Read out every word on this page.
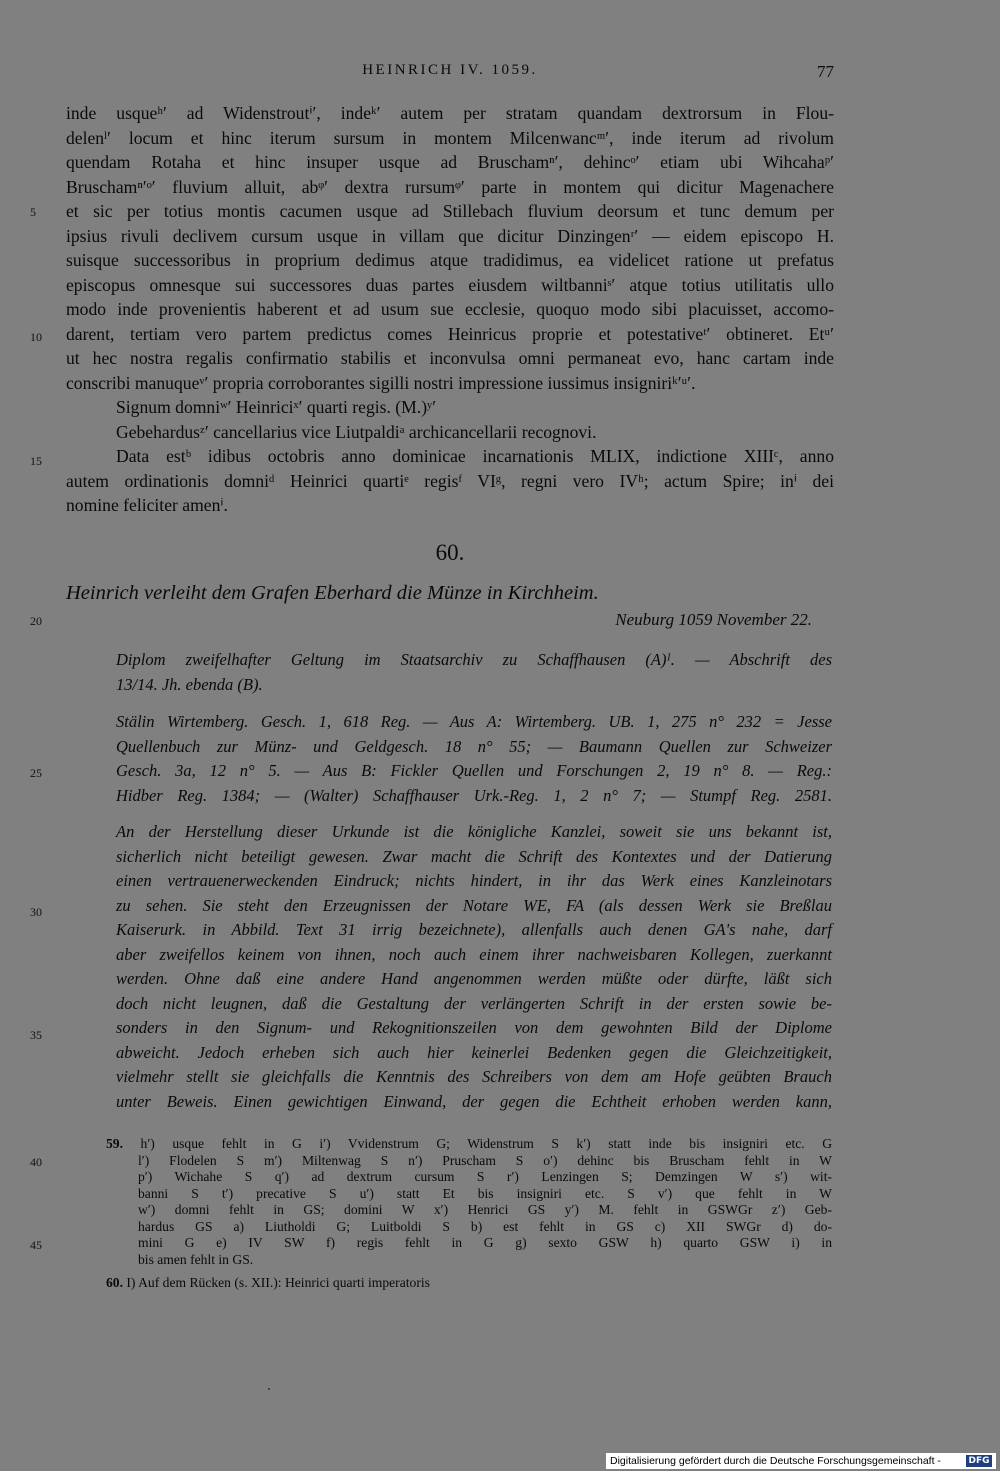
HEINRICH IV. 1059.	77
5
10
15
20
25
30
35
40
45
inde usqueʰ′ ad Widenstroutⁱ′, indeᵏ′ autem per stratam quandam dextrorsum in Flou-
delenˡ′ locum et hinc iterum sursum in montem Milcenwancᵐ′, inde iterum ad rivolum
quendam Rotaha et hinc insuper usque ad Bruschamⁿ′, dehincᵒ′ etiam ubi Wihcahaᵖ′
Bruschamⁿ′ᵒ′ fluvium alluit, abᵠ′ dextra rursumᵠ′ parte in montem qui dicitur Magenachere
et sic per totius montis cacumen usque ad Stillebach fluvium deorsum et tunc demum per
ipsius rivuli declivem cursum usque in villam que dicitur Dinzingenʳ′ — eidem episcopo H.
suisque successoribus in proprium dedimus atque tradidimus, ea videlicet ratione ut prefatus
episcopus omnesque sui successores duas partes eiusdem wiltbanniˢ′ atque totius utilitatis ullo
modo inde provenientis haberent et ad usum sue ecclesie, quoquo modo sibi placuisset, accomo-
darent, tertiam vero partem predictus comes Heinricus proprie et potestativeᵗ′ obtineret. Etᵘ′
ut hec nostra regalis confirmatio stabilis et inconvulsa omni permaneat evo, hanc cartam inde
conscribi manuqueᵛ′ propria corroborantes sigilli nostri impressione iussimus insigniriᵏ′ᵘ′.
Signum domniʷ′ Heinriciˣ′ quarti regis. (M.)ʸ′
Gebehardusᶻ′ cancellarius vice Liutpaldiᵃ archicancellarii recognovi.
Data estᵇ idibus octobris anno dominicae incarnationis MLIX, indictione XIIIᶜ, anno
autem ordinationis domniᵈ Heinrici quartiᵉ regisᶠ VIᵍ, regni vero IVʰ; actum Spire; inⁱ dei
nomine feliciter amenⁱ.
60.
Heinrich verleiht dem Grafen Eberhard die Münze in Kirchheim.
Neuburg 1059 November 22.
Diplom zweifelhafter Geltung im Staatsarchiv zu Schaffhausen (A)ᴵ. — Abschrift des
13/14. Jh. ebenda (B).
Stälin Wirtemberg. Gesch. 1, 618 Reg. — Aus A: Wirtemberg. UB. 1, 275 n° 232 = Jesse
Quellenbuch zur Münz- und Geldgesch. 18 n° 55; — Baumann Quellen zur Schweizer
Gesch. 3a, 12 n° 5. — Aus B: Fickler Quellen und Forschungen 2, 19 n° 8. — Reg.:
Hidber Reg. 1384; — (Walter) Schaffhauser Urk.-Reg. 1, 2 n° 7; — Stumpf Reg. 2581.
An der Herstellung dieser Urkunde ist die königliche Kanzlei, soweit sie uns bekannt ist,
sicherlich nicht beteiligt gewesen. Zwar macht die Schrift des Kontextes und der Datierung
einen vertrauenerweckenden Eindruck; nichts hindert, in ihr das Werk eines Kanzleinotars
zu sehen. Sie steht den Erzeugnissen der Notare WE, FA (als dessen Werk sie Breßlau
Kaiserurk. in Abbild. Text 31 irrig bezeichnete), allenfalls auch denen GA's nahe, darf
aber zweifellos keinem von ihnen, noch auch einem ihrer nachweisbaren Kollegen, zuerkannt
werden. Ohne daß eine andere Hand angenommen werden müßte oder dürfte, läßt sich
doch nicht leugnen, daß die Gestaltung der verlängerten Schrift in der ersten sowie be-
sonders in den Signum- und Rekognitionszeilen von dem gewohnten Bild der Diplome
abweicht. Jedoch erheben sich auch hier keinerlei Bedenken gegen die Gleichzeitigkeit,
vielmehr stellt sie gleichfalls die Kenntnis des Schreibers von dem am Hofe geübten Brauch
unter Beweis. Einen gewichtigen Einwand, der gegen die Echtheit erhoben werden kann,
59. h′) usque fehlt in G i′) Vvidenstrum G; Widenstrum S k′) statt inde bis insigniri etc. G
l′) Flodelen S m′) Miltenwag S n′) Pruscham S o′) dehinc bis Bruscham fehlt in W
p′) Wichahe S q′) ad dextrum cursum S r′) Lenzingen S; Demzingen W s′) wit-
banni S t′) precative S u′) statt Et bis insigniri etc. S v′) que fehlt in W
w′) domni fehlt in GS; domini W x′) Henrici GS y′) M. fehlt in GSWGr z′) Geb-
hardus GS a) Liutholdi G; Luitboldi S b) est fehlt in GS c) XII SWGr d) do-
mini G e) IV SW f) regis fehlt in G g) sexto GSW h) quarto GSW i) in
bis amen fehlt in GS.
60. I) Auf dem Rücken (s. XII.): Heinrici quarti imperatoris
Digitalisierung gefördert durch die Deutsche Forschungsgemeinschaft -	DFG
